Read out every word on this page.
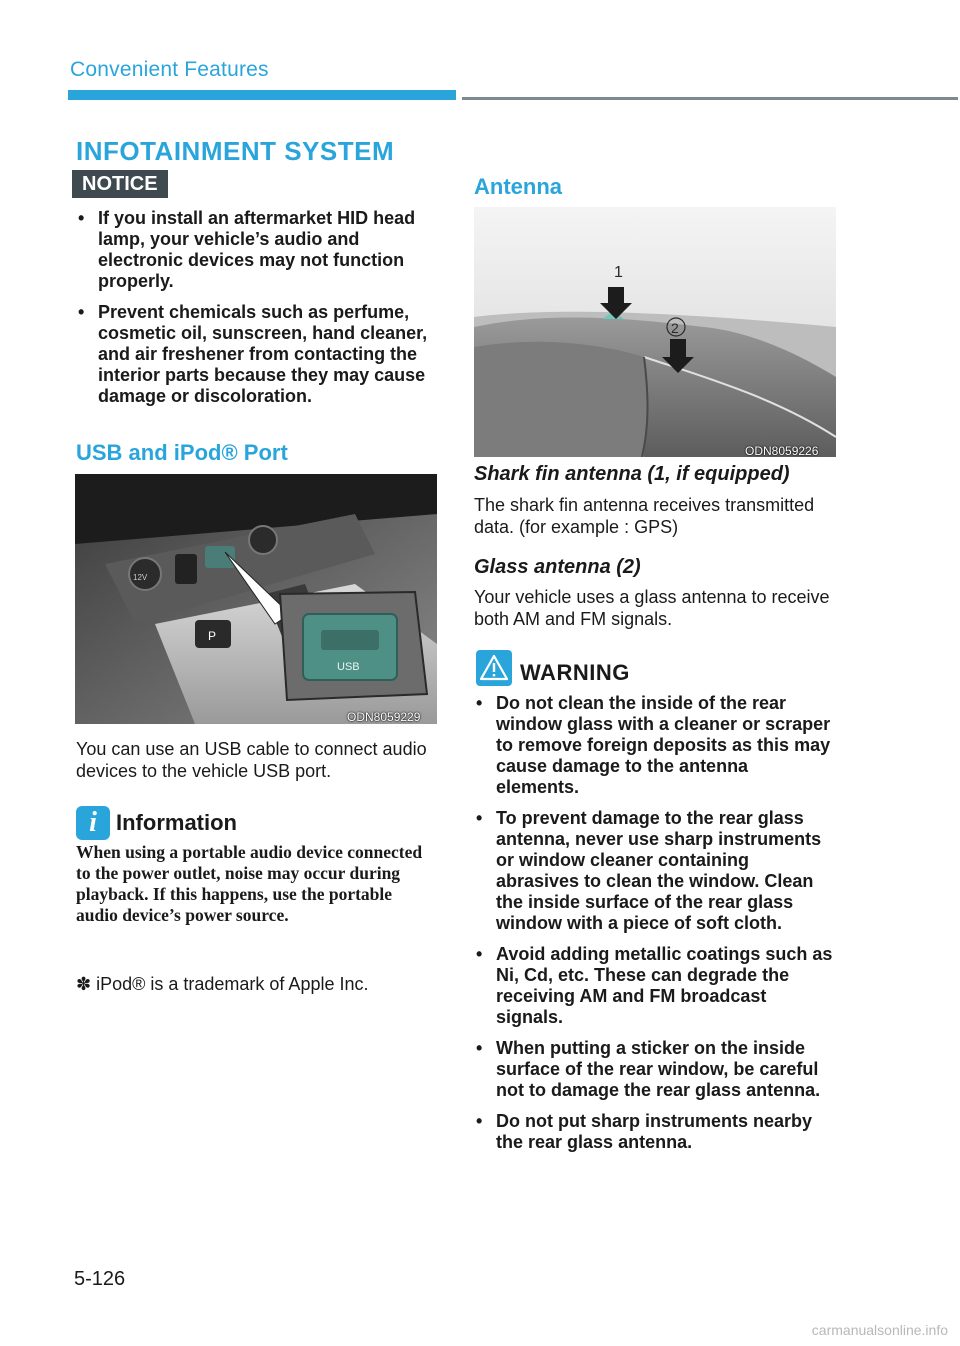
Convenient Features
INFOTAINMENT SYSTEM
NOTICE
• If you install an aftermarket HID head lamp, your vehicle’s audio and electronic devices may not function properly.
• Prevent chemicals such as perfume, cosmetic oil, sunscreen, hand cleaner, and air freshener from contacting the interior parts because they may cause damage or discoloration.
USB and iPod® Port
P
USB
12V
ODN8059229
You can use an USB cable to connect audio devices to the vehicle USB port.
i Information
When using a portable audio device connected to the power outlet, noise may occur during playback. If this happens, use the portable audio device’s power source.
✽ iPod® is a trademark of Apple Inc.
Antenna
1
2
ODN8059226
Shark fin antenna (1, if equipped)
The shark fin antenna receives transmitted data. (for example : GPS)
Glass antenna (2)
Your vehicle uses a glass antenna to receive both AM and FM signals.
WARNING
• Do not clean the inside of the rear window glass with a cleaner or scraper to remove foreign deposits as this may cause damage to the antenna elements.
• To prevent damage to the rear glass antenna, never use sharp instruments or window cleaner containing abrasives to clean the window. Clean the inside surface of the rear glass window with a piece of soft cloth.
• Avoid adding metallic coatings such as Ni, Cd, etc. These can degrade the receiving AM and FM broadcast signals.
• When putting a sticker on the inside surface of the rear window, be careful not to damage the rear glass antenna.
• Do not put sharp instruments nearby the rear glass antenna.
5-126
carmanualsonline.info
